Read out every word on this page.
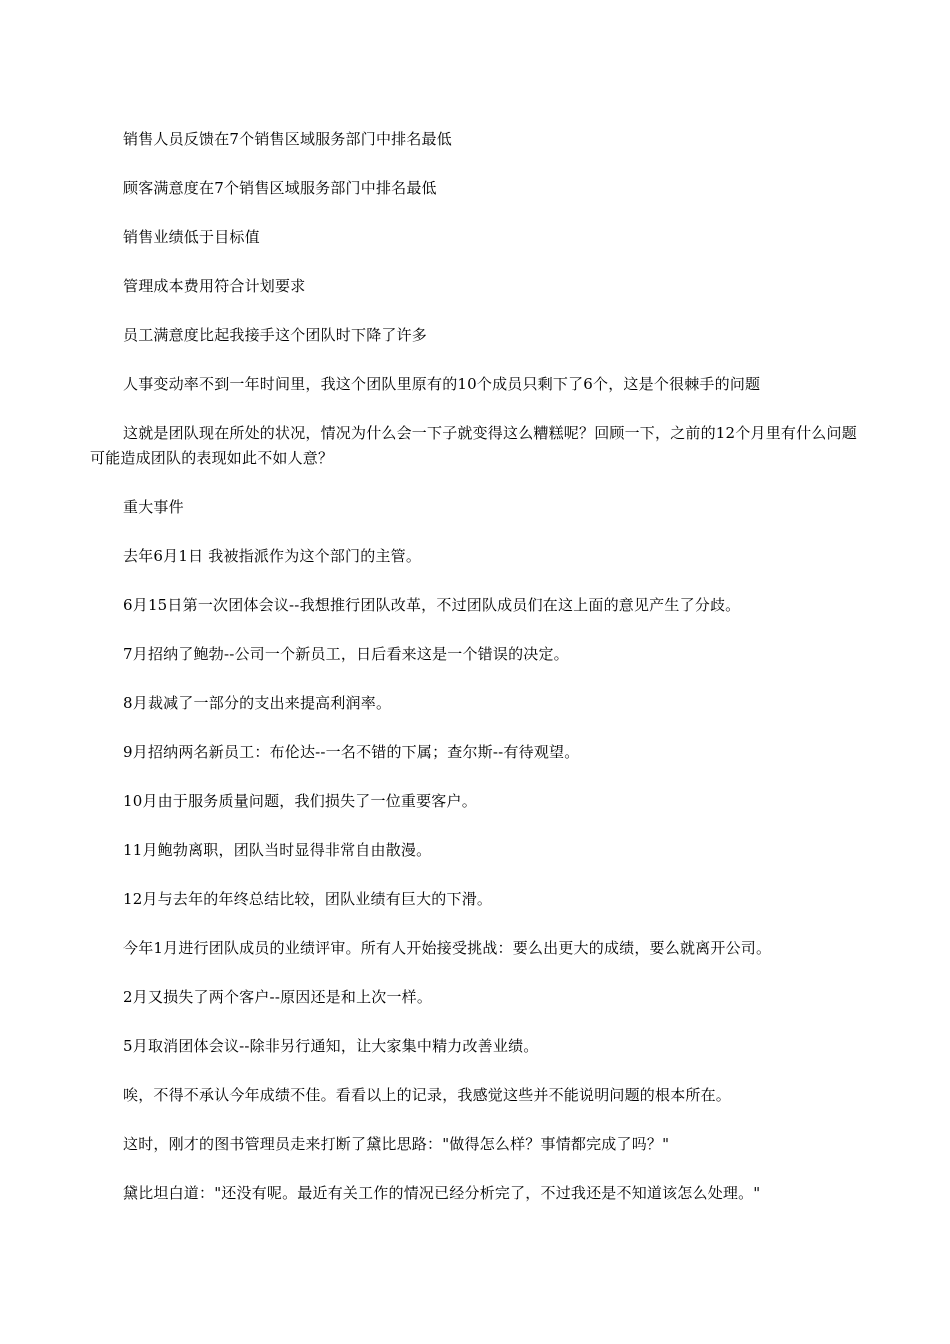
销售人员反馈在7个销售区域服务部门中排名最低

顾客满意度在7个销售区域服务部门中排名最低

销售业绩低于目标值

管理成本费用符合计划要求

员工满意度比起我接手这个团队时下降了许多

人事变动率不到一年时间里，我这个团队里原有的10个成员只剩下了6个，这是个很棘手的问题

这就是团队现在所处的状况，情况为什么会一下子就变得这么糟糕呢？回顾一下，之前的12个月里有什么问题可能造成团队的表现如此不如人意？

重大事件

去年6月1日 我被指派作为这个部门的主管。

6月15日第一次团体会议--我想推行团队改革，不过团队成员们在这上面的意见产生了分歧。

7月招纳了鲍勃--公司一个新员工，日后看来这是一个错误的决定。

8月裁减了一部分的支出来提高利润率。

9月招纳两名新员工：布伦达--一名不错的下属；查尔斯--有待观望。

10月由于服务质量问题，我们损失了一位重要客户。

11月鲍勃离职，团队当时显得非常自由散漫。

12月与去年的年终总结比较，团队业绩有巨大的下滑。

今年1月进行团队成员的业绩评审。所有人开始接受挑战：要么出更大的成绩，要么就离开公司。

2月又损失了两个客户--原因还是和上次一样。

5月取消团体会议--除非另行通知，让大家集中精力改善业绩。

唉，不得不承认今年成绩不佳。看看以上的记录，我感觉这些并不能说明问题的根本所在。

这时，刚才的图书管理员走来打断了黛比思路："做得怎么样？事情都完成了吗？"

黛比坦白道："还没有呢。最近有关工作的情况已经分析完了，不过我还是不知道该怎么处理。"
